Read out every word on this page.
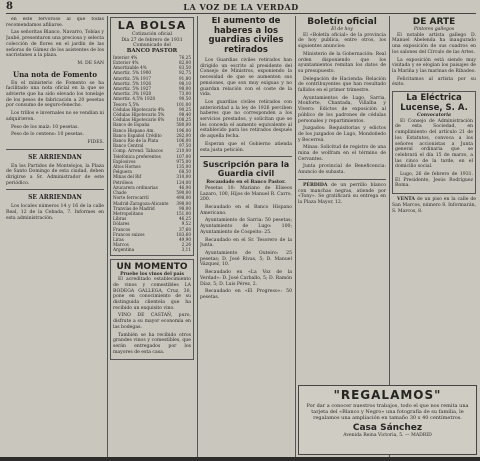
8	LA VOZ DE LA VERDAD
en este fervoroso al que todas recomendamos afiliarse.
Las señoritas Blanco, Navarro, Tobías y Jaubé, presentaron una preciosa y selecta colección de flores en el jardín de las señoras de Gámez de los asistentes de los sacristanes a la plaza.
M. DE SAN
Una nota de Fomento
En el ministerio de Fomento se ha facilitado una nota oficial en la que se advierte que ha sido elevado los tonelaje de los pesos de fabricación a 20 pesetas por consumo de seguro-fenecho.
Los trillos e invernales no se vendían ni adquirieron.
Peso de los maíz: 10 pesetas.
Peso de lo centeno: 10 pesetas.
FIDES.
SE ARRIENDAN
En los Partidos de Montelojos, la Plaza de Santo Domingo de esta ciudad, deben dirigirse a Sr. Administrador de este periódico.
SE ARRIENDAN
Los locales números 14 y 16 de la calle Real, 12 de la Cebada, 7. Informes en esta administración.
LA BOLSA
Cotización oficial
Día 27 de febrero de 1931
Comunicado del
BANCO PASTOR
Interior 4%	76,25
Exterior 4%	82,00
Amortizable 4%	83,50
Amortiz. 5% 1900	92,75
Amortiz. 5% 1917	91,80
Amortiz. 5% 1926	98,10
Amortiz. 5% 1927	98,00
Amortiz. 3% 1928	73,00
Amortiz. 4,5% 1928	90,50
Tesoro 5,5%	101,00
Cédulas Hipotecario 4%	90,25
Cédulas Hipotecario 5%	98,40
Cédulas Hipotecario 6%	108,25
Banco de España	580,00
Banco Hispano Am.	196,00
Banco Español Crédito	282,00
Banco Río de la Plata	106,00
Banco Central	97,50
Comp. Arrend. Tabacos	210,00
Telefónica preferentes	107,00
Explosivos	975,00
Altos Hornos	135,00
Felguera	68,50
Minas del Rif	310,00
Petróleos	124,00
Azucarera ordinarias	46,00
Chade	590,00
Norte ferrocarril	498,00
Madrid-Zaragoza-Alicante	398,00
Tranvías de Madrid	98,00
Metropolitano	151,00
Libras	46,25
Dólares	9,52
Francos	37,60
Francos suizos	183,60
Liras	49,90
Marcos	2,26
Argentina	3,11
UN MOMENTO
Pruebe los vinos del país
El acreditado establecimiento de vinos y comestibles LA BODEGA GALLEGA, Cruz, 30, pone en conocimiento de su distinguida clientela que ha recibido un exquisito vino.
VINO DE CASTAÑ, puro, disfrute a su mayor economía en las bodegas.
También se ha recibido otros grandes vinos y comestibles, que serán entregados por los mayores de esta casa.
El aumento de haberes a los guardias civiles retirados
Los Guardias civiles retirados han dirigido un escrito al presidente del Consejo de Ministros, exponiendo la necesidad de que se aumenten sus pensiones, que son muy exiguas y no guardan relación con el coste de la vida.
Los guardias civiles retirados con anterioridad a la ley de 1926 perciben haberes que no corresponden a los servicios prestados, y solicitan que se les conceda el aumento equivalente al establecido para los retirados después de aquella fecha.
Esperan que el Gobierno atienda esta justa petición.
Suscripción para la Guardia civil
Recaudado en el Banco Pastor.
Pesetas 10: Mariano de Eliseos Lazaro, 100, Hijos de Manuel R. Carro, 200.
Recaudado en el Banco Hispano Americano.
Ayuntamiento de Sarria: 50 pesetas; Ayuntamiento de Lugo: 100; Ayuntamiento de Cospeito: 25.
Recaudado en el Sr. Tesorero de la Junta.
Ayuntamiento de Outeiro: 25 pesetas; D. José Rivas, 5; D. Manuel Vázquez, 10.
Recaudado en «La Voz de la Verdad»: D. José Carballo, 5; D. Ramón Díaz, 5; D. Luis Pérez, 2.
Recaudado en «El Progreso»: 50 pesetas.
Boletín oficial
El de hoy
El «Boletín oficial» de la provincia de hoy publica, entre otros, los siguientes anuncios:
Ministerio de la Gobernación: Real orden disponiendo que los ayuntamientos remitan los datos de su presupuesto.
Delegación de Hacienda: Relación de contribuyentes que han resultado fallidos en el primer trimestre.
Ayuntamientos de Lugo, Sarria, Monforte, Chantada, Villalba y Vivero: Edictos de exposición al público de los padrones de cédulas personales y repartimientos.
Juzgados: Requisitorias y edictos de los juzgados de Lugo, Mondoñedo y Becerreá.
Minas: Solicitud de registro de una mina de wolfram en el término de Cervantes.
Junta provincial de Beneficencia: Anuncio de subasta.
PÉRDIDA de un perrillo blanco con manchas negras, atiende por «Tony». Se gratificará su entrega en la Plaza Mayor, 12.
DE ARTE
Pintores gallegos
El notable artista gallego D. Manuel Abelenda ha inaugurado una exposición de sus cuadros en los salones del Círculo de las Artes.
La exposición está siendo muy visitada y se elogian los paisajes de la Mariña y las marinas de Ribadeo.
Felicitamos al artista por su éxito.
La Eléctrica Lucense, S. A.
Convocatoria
El Consejo de Administración de esta Sociedad, en cumplimiento del artículo 21 de los Estatutos, convoca a los señores accionistas a Junta general ordinaria que se celebrará el día 15 de marzo, a las cinco de la tarde, en el domicilio social.
Lugo, 26 de febrero de 1931. El Presidente, Jesús Rodríguez Roma.
VENTA de un piso en la calle de San Marcos, número 8. Informarán, S. Marcos, 8.
"REGALAMOS"
Por dar a conocer nuestros trabajos, todo el que nos remita una tarjeta del «Blanco y Negro» una fotografía de su familia, le regalamos una ampliación en tamaño 30 x 40 centímetros.
Casa Sánchez
Avenida Reina Victoria, 5. — MADRID
